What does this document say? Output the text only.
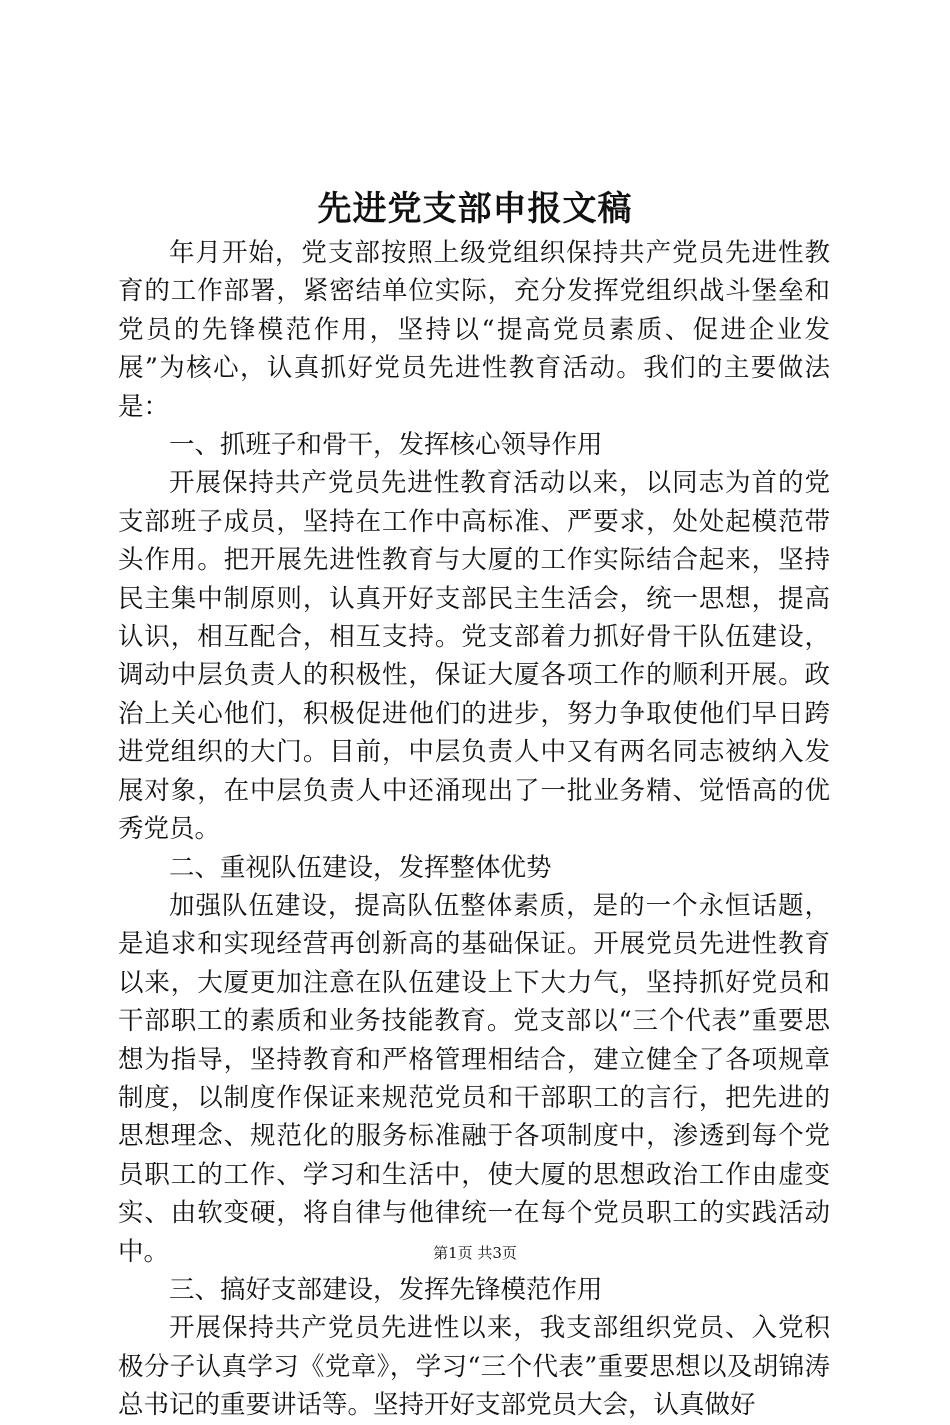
先进党支部申报文稿

年月开始，党支部按照上级党组织保持共产党员先进性教育的工作部署，紧密结单位实际，充分发挥党组织战斗堡垒和党员的先锋模范作用，坚持以“提高党员素质、促进企业发展”为核心，认真抓好党员先进性教育活动。我们的主要做法是：

一、抓班子和骨干，发挥核心领导作用

开展保持共产党员先进性教育活动以来，以同志为首的党支部班子成员，坚持在工作中高标准、严要求，处处起模范带头作用。把开展先进性教育与大厦的工作实际结合起来，坚持民主集中制原则，认真开好支部民主生活会，统一思想，提高认识，相互配合，相互支持。党支部着力抓好骨干队伍建设，调动中层负责人的积极性，保证大厦各项工作的顺利开展。政治上关心他们，积极促进他们的进步，努力争取使他们早日跨进党组织的大门。目前，中层负责人中又有两名同志被纳入发展对象，在中层负责人中还涌现出了一批业务精、觉悟高的优秀党员。

二、重视队伍建设，发挥整体优势

加强队伍建设，提高队伍整体素质，是的一个永恒话题，是追求和实现经营再创新高的基础保证。开展党员先进性教育以来，大厦更加注意在队伍建设上下大力气，坚持抓好党员和干部职工的素质和业务技能教育。党支部以“三个代表”重要思想为指导，坚持教育和严格管理相结合，建立健全了各项规章制度，以制度作保证来规范党员和干部职工的言行，把先进的思想理念、规范化的服务标准融于各项制度中，渗透到每个党员职工的工作、学习和生活中，使大厦的思想政治工作由虚变实、由软变硬，将自律与他律统一在每个党员职工的实践活动中。

三、搞好支部建设，发挥先锋模范作用

开展保持共产党员先进性以来，我支部组织党员、入党积极分子认真学习《党章》，学习“三个代表”重要思想以及胡锦涛总书记的重要讲话等。坚持开好支部党员大会，认真做好

第1页 共3页
